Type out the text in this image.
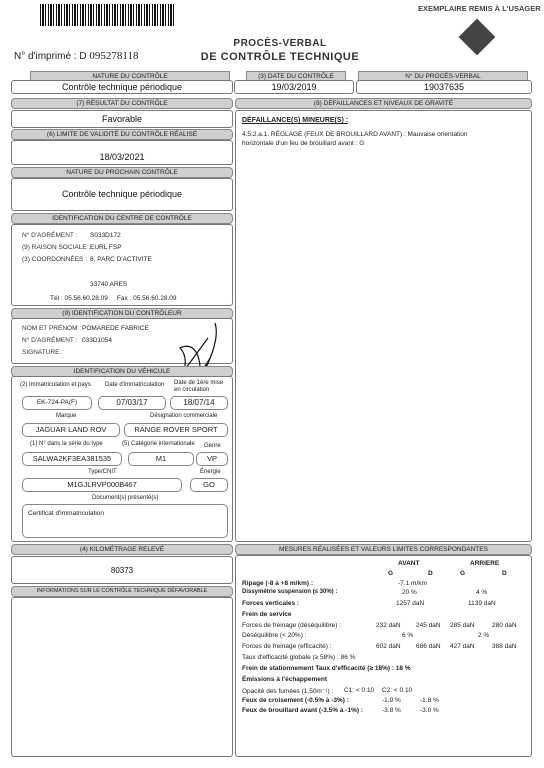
EXEMPLAIRE REMIS À L'USAGER
N° d'imprimé : D 095278118
PROCÈS-VERBAL
DE CONTRÔLE TECHNIQUE
NATURE DU CONTRÔLE
Contrôle technique périodique
(3) DATE DU CONTRÔLE
19/03/2019
N° DU PROCÈS-VERBAL
19037635
(7) RÉSULTAT DU CONTRÔLE
Favorable
(6) LIMITE DE VALIDITÉ DU CONTRÔLE RÉALISÉ
18/03/2021
NATURE DU PROCHAIN CONTRÔLE
Contrôle technique périodique
IDENTIFICATION DU CENTRE DE CONTRÔLE
N° D'AGRÉMENT : S033D172
(9) RAISON SOCIALE : EURL FSP
(3) COORDONNÉES : 8, PARC D'ACTIVITE
33740 ARES
Tél : 05.56.60.28.09 Fax : 05.56.60.28.09
(9) IDENTIFICATION DU CONTRÔLEUR
NOM ET PRÉNOM : POMAREDE FABRICE
N° D'AGRÉMENT : 033D1054
SIGNATURE :
IDENTIFICATION DU VÉHICULE
(2) Immatriculation et pays Date d'immatriculation Date de 1ère mise en circulation
EK-724-PA(F)	07/03/17	18/07/14
Marque	Désignation commerciale
JAGUAR LAND ROV	RANGE ROVER SPORT
(1) N° dans la série du type	(5) Catégorie internationale Genre
SALWA2KF3EA381535	M1	VP
Type/CNIT	Énergie
M1GJLRVP000B467	GO
Document(s) présenté(s)
Certificat d'immatriculation
(4) KILOMÉTRAGE RELEVÉ
80373
INFORMATIONS SUR LE CONTRÔLE TECHNIQUE DÉFAVORABLE
(8) DÉFAILLANCES ET NIVEAUX DE GRAVITÉ
DÉFAILLANCE(S) MINEURE(S) :
4.5.2.a.1. RÉGLAGE (FEUX DE BROUILLARD AVANT) : Mauvaise orientation
horizontale d'un feu de brouillard avant : G
MESURES RÉALISÉES ET VALEURS LIMITES CORRESPONDANTES
AVANT	ARRIERE
G	D	G	D
Ripage (-8 à +8 m/km) :	-7.1 m/km
Dissymétrie suspension (≤ 30%) :	20 %	4 %
Forces verticales :	1257 daN	1139 daN
Frein de service
Forces de freinage (déséquilibre) :	232 daN 245 daN 285 daN	280 daN
Déséquilibre (< 20%) :	6 %	2 %
Forces de freinage (efficacité) :	602 daN 686 daN 427 daN	388 daN
Taux d'efficacité globale (≥ 58%) : 86 %
Frein de stationnement Taux d'efficacité (≥ 18%) : 18 %
Émissions à l'échappement
Opacité des fumées (1.50m⁻¹) : C1: < 0.10 C2: < 0.10
Feux de croisement (-0.5% à -3%) :	-1.9 %	-1.8 %
Feux de brouillard avant (-3.5% à -1%) :	-3.8 %	-3.0 %
